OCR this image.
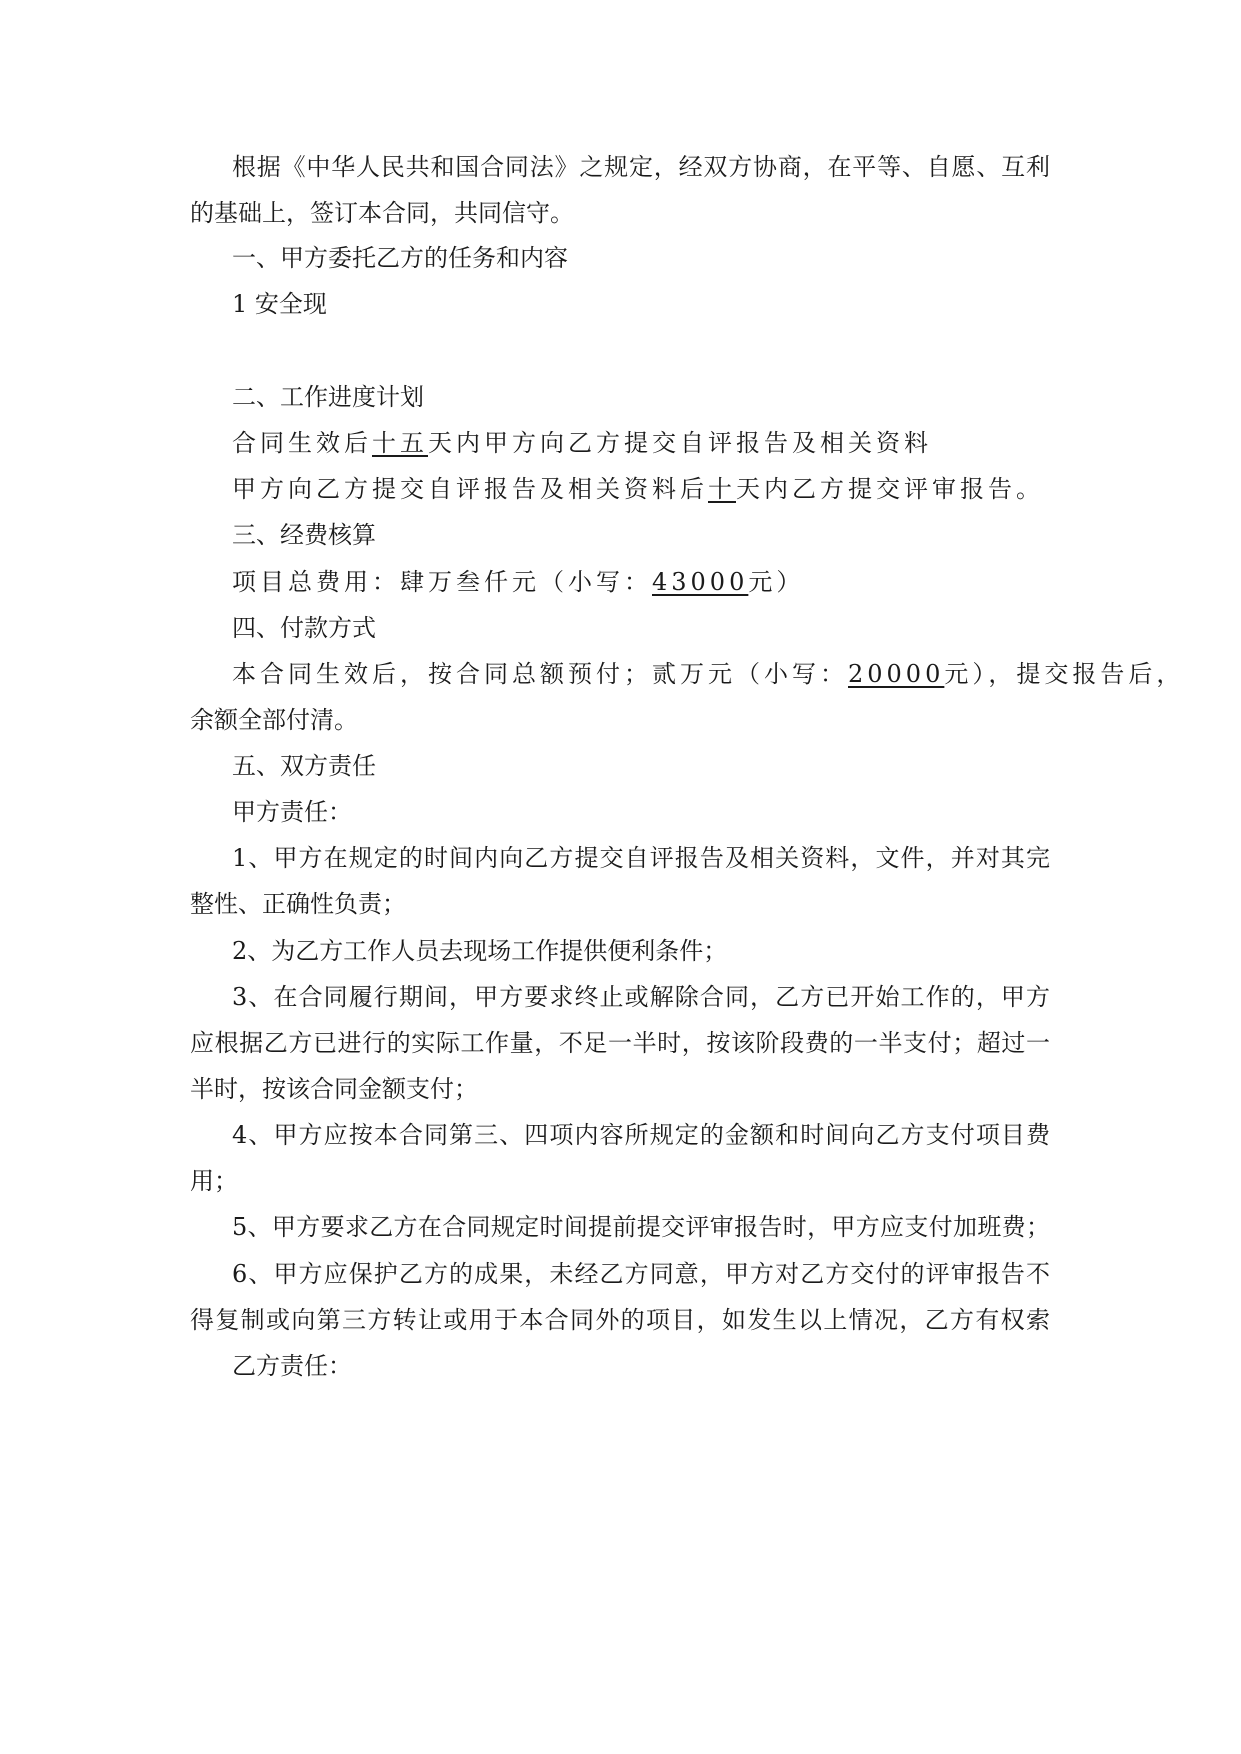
根据《中华人民共和国合同法》之规定，经双方协商，在平等、自愿、互利
的基础上，签订本合同，共同信守。
一、甲方委托乙方的任务和内容
1 安全现
二、工作进度计划
合同生效后十五天内甲方向乙方提交自评报告及相关资料
甲方向乙方提交自评报告及相关资料后十天内乙方提交评审报告。
三、经费核算
项目总费用：肆万叁仟元（小写：43000元）
四、付款方式
本合同生效后，按合同总额预付；贰万元（小写：20000元），提交报告后，
余额全部付清。
五、双方责任
甲方责任：
1、甲方在规定的时间内向乙方提交自评报告及相关资料，文件，并对其完
整性、正确性负责；
2、为乙方工作人员去现场工作提供便利条件；
3、在合同履行期间，甲方要求终止或解除合同，乙方已开始工作的，甲方
应根据乙方已进行的实际工作量，不足一半时，按该阶段费的一半支付；超过一
半时，按该合同金额支付；
4、甲方应按本合同第三、四项内容所规定的金额和时间向乙方支付项目费
用；
5、甲方要求乙方在合同规定时间提前提交评审报告时，甲方应支付加班费；
6、甲方应保护乙方的成果，未经乙方同意，甲方对乙方交付的评审报告不
得复制或向第三方转让或用于本合同外的项目，如发生以上情况，乙方有权索
乙方责任：
